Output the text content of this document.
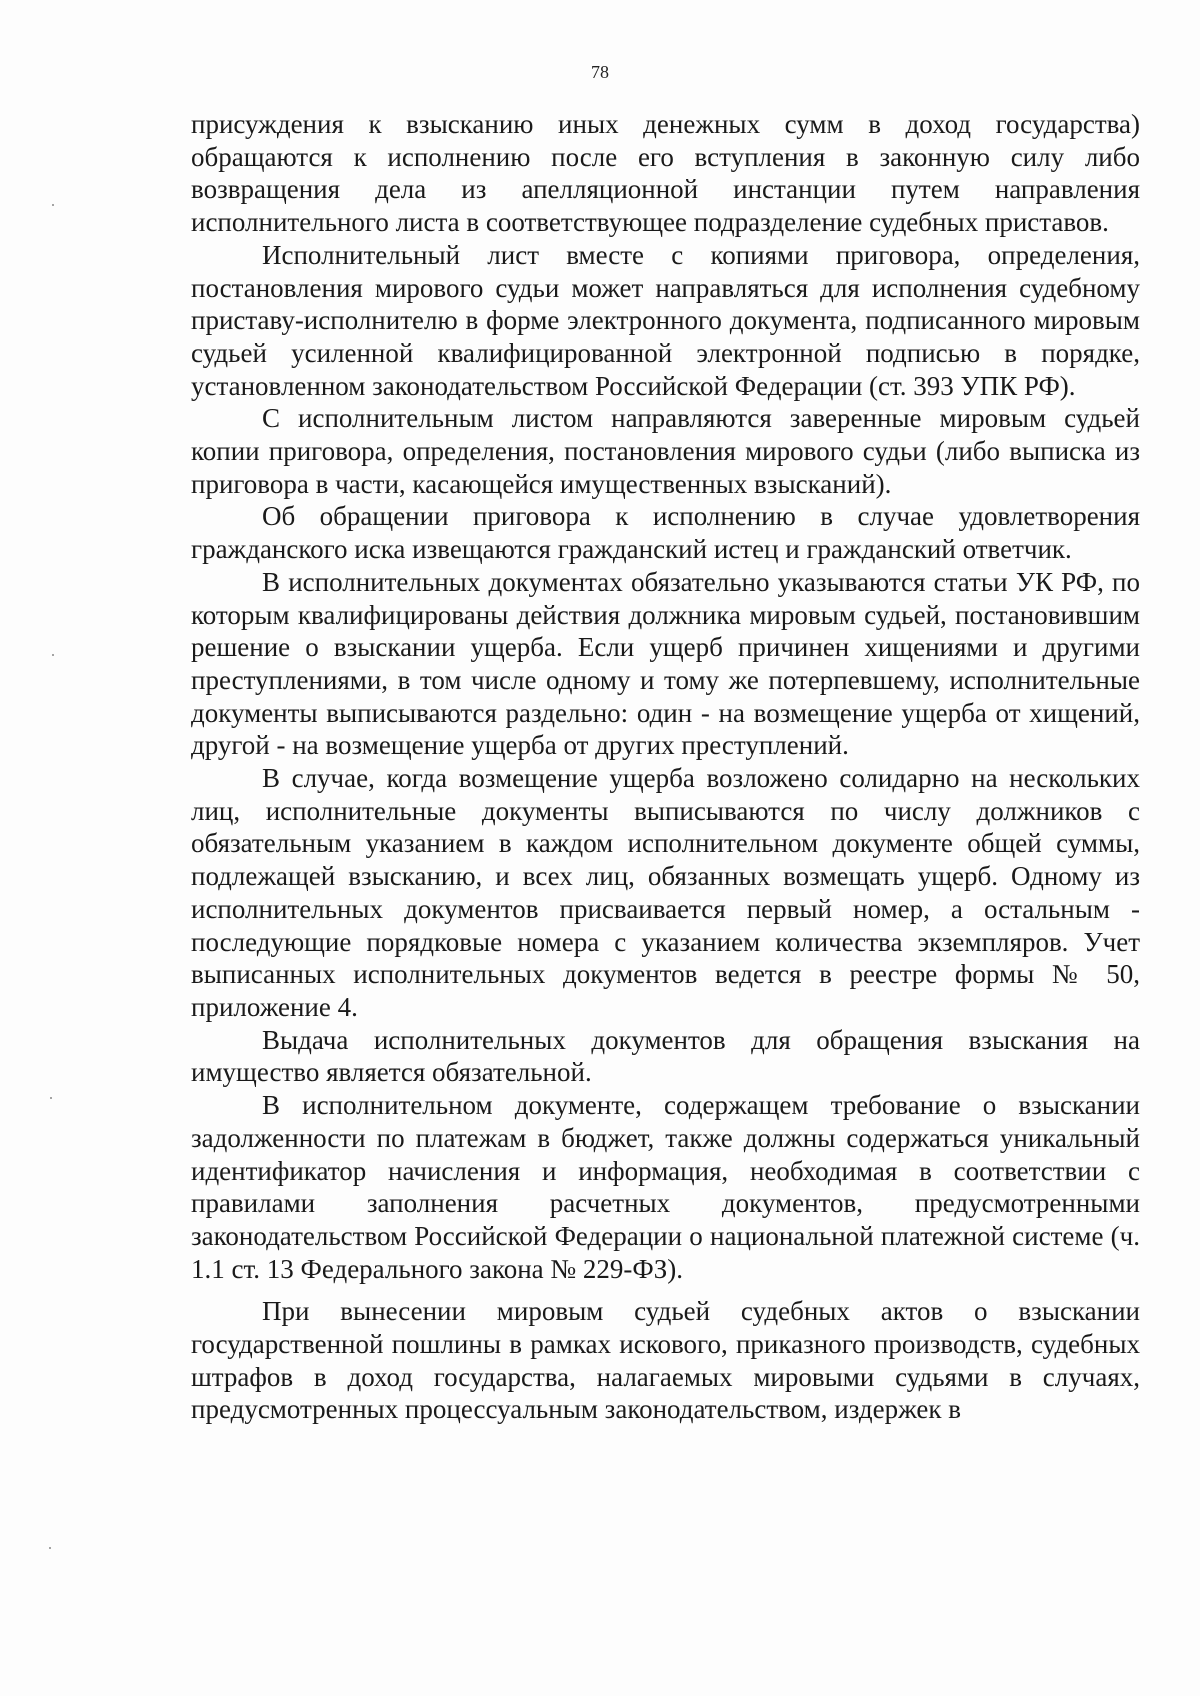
78

присуждения к взысканию иных денежных сумм в доход государства) обращаются к исполнению после его вступления в законную силу либо возвращения дела из апелляционной инстанции путем направления исполнительного листа в соответствующее подразделение судебных приставов.

Исполнительный лист вместе с копиями приговора, определения, постановления мирового судьи может направляться для исполнения судебному приставу-исполнителю в форме электронного документа, подписанного мировым судьей усиленной квалифицированной электронной подписью в порядке, установленном законодательством Российской Федерации (ст. 393 УПК РФ).

С исполнительным листом направляются заверенные мировым судьей копии приговора, определения, постановления мирового судьи (либо выписка из приговора в части, касающейся имущественных взысканий).

Об обращении приговора к исполнению в случае удовлетворения гражданского иска извещаются гражданский истец и гражданский ответчик.

В исполнительных документах обязательно указываются статьи УК РФ, по которым квалифицированы действия должника мировым судьей, постановившим решение о взыскании ущерба. Если ущерб причинен хищениями и другими преступлениями, в том числе одному и тому же потерпевшему, исполнительные документы выписываются раздельно: один - на возмещение ущерба от хищений, другой - на возмещение ущерба от других преступлений.

В случае, когда возмещение ущерба возложено солидарно на нескольких лиц, исполнительные документы выписываются по числу должников с обязательным указанием в каждом исполнительном документе общей суммы, подлежащей взысканию, и всех лиц, обязанных возмещать ущерб. Одному из исполнительных документов присваивается первый номер, а остальным - последующие порядковые номера с указанием количества экземпляров. Учет выписанных исполнительных документов ведется в реестре формы № 50, приложение 4.

Выдача исполнительных документов для обращения взыскания на имущество является обязательной.

В исполнительном документе, содержащем требование о взыскании задолженности по платежам в бюджет, также должны содержаться уникальный идентификатор начисления и информация, необходимая в соответствии с правилами заполнения расчетных документов, предусмотренными законодательством Российской Федерации о национальной платежной системе (ч. 1.1 ст. 13 Федерального закона № 229-ФЗ).

При вынесении мировым судьей судебных актов о взыскании государственной пошлины в рамках искового, приказного производств, судебных штрафов в доход государства, налагаемых мировыми судьями в случаях, предусмотренных процессуальным законодательством, издержек в
